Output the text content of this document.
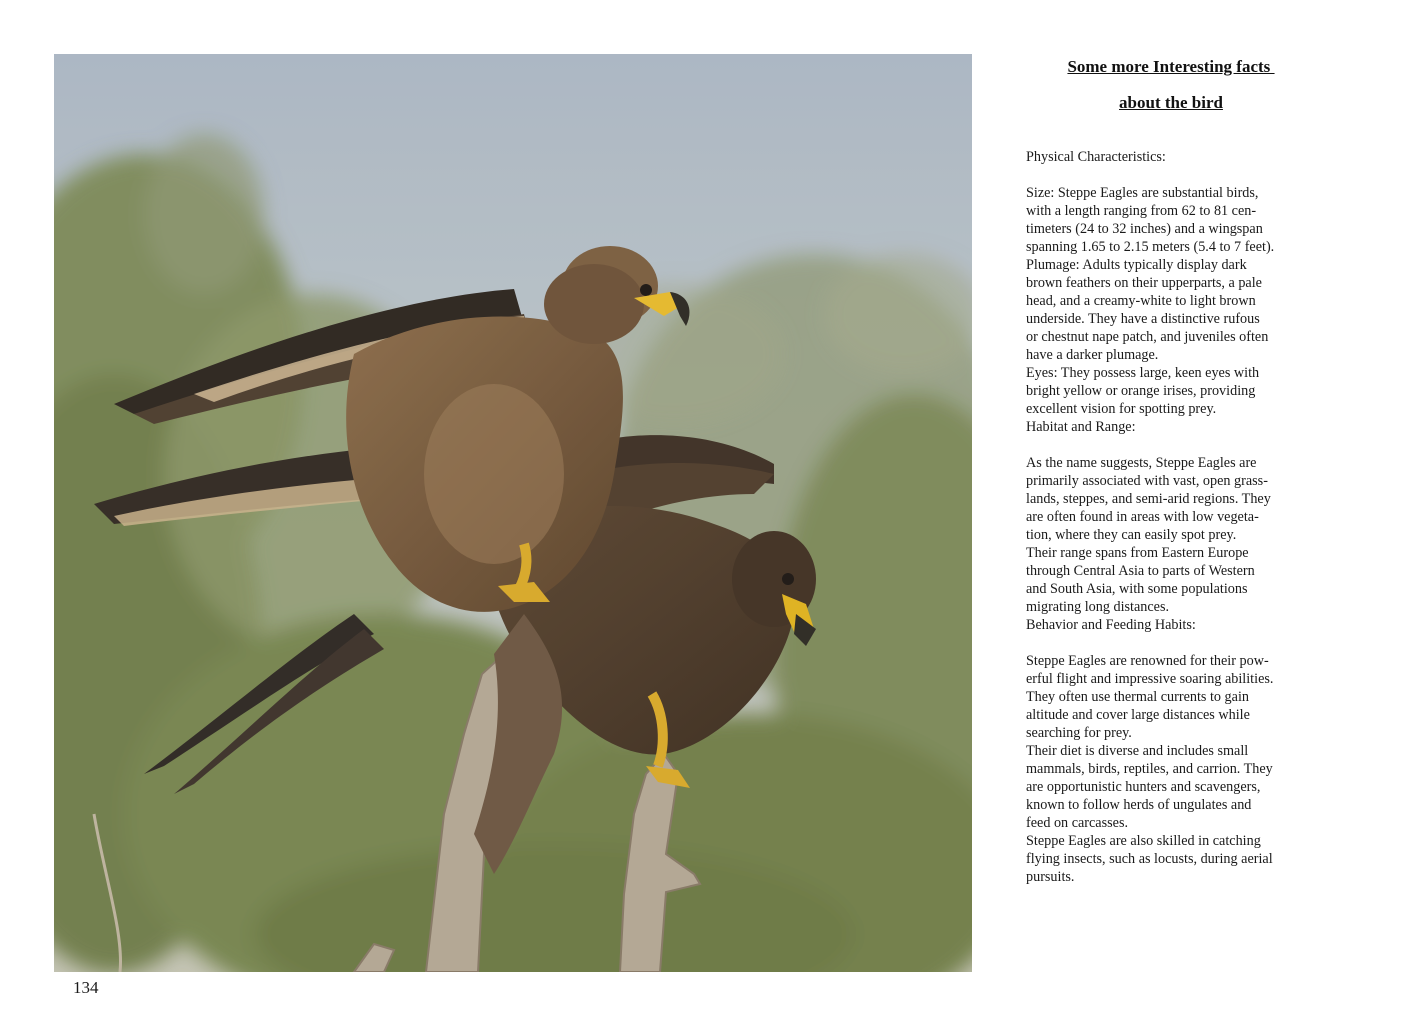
134

Some more Interesting facts

about the bird

Physical Characteristics:

Size: Steppe Eagles are substantial birds,

with a length ranging from 62 to 81 cen-

timeters (24 to 32 inches) and a wingspan

spanning 1.65 to 2.15 meters (5.4 to 7 feet).

Plumage: Adults typically display dark

brown feathers on their upperparts, a pale

head, and a creamy-white to light brown

underside. They have a distinctive rufous

or chestnut nape patch, and juveniles often

have a darker plumage.

Eyes: They possess large, keen eyes with

bright yellow or orange irises, providing

excellent vision for spotting prey.

Habitat and Range:

As the name suggests, Steppe Eagles are

primarily associated with vast, open grass-

lands, steppes, and semi-arid regions. They

are often found in areas with low vegeta-

tion, where they can easily spot prey.

Their range spans from Eastern Europe

through Central Asia to parts of Western

and South Asia, with some populations

migrating long distances.

Behavior and Feeding Habits:

Steppe Eagles are renowned for their pow-

erful flight and impressive soaring abilities.

They often use thermal currents to gain

altitude and cover large distances while

searching for prey.

Their diet is diverse and includes small

mammals, birds, reptiles, and carrion. They

are opportunistic hunters and scavengers,

known to follow herds of ungulates and

feed on carcasses.

Steppe Eagles are also skilled in catching

flying insects, such as locusts, during aerial

pursuits.
